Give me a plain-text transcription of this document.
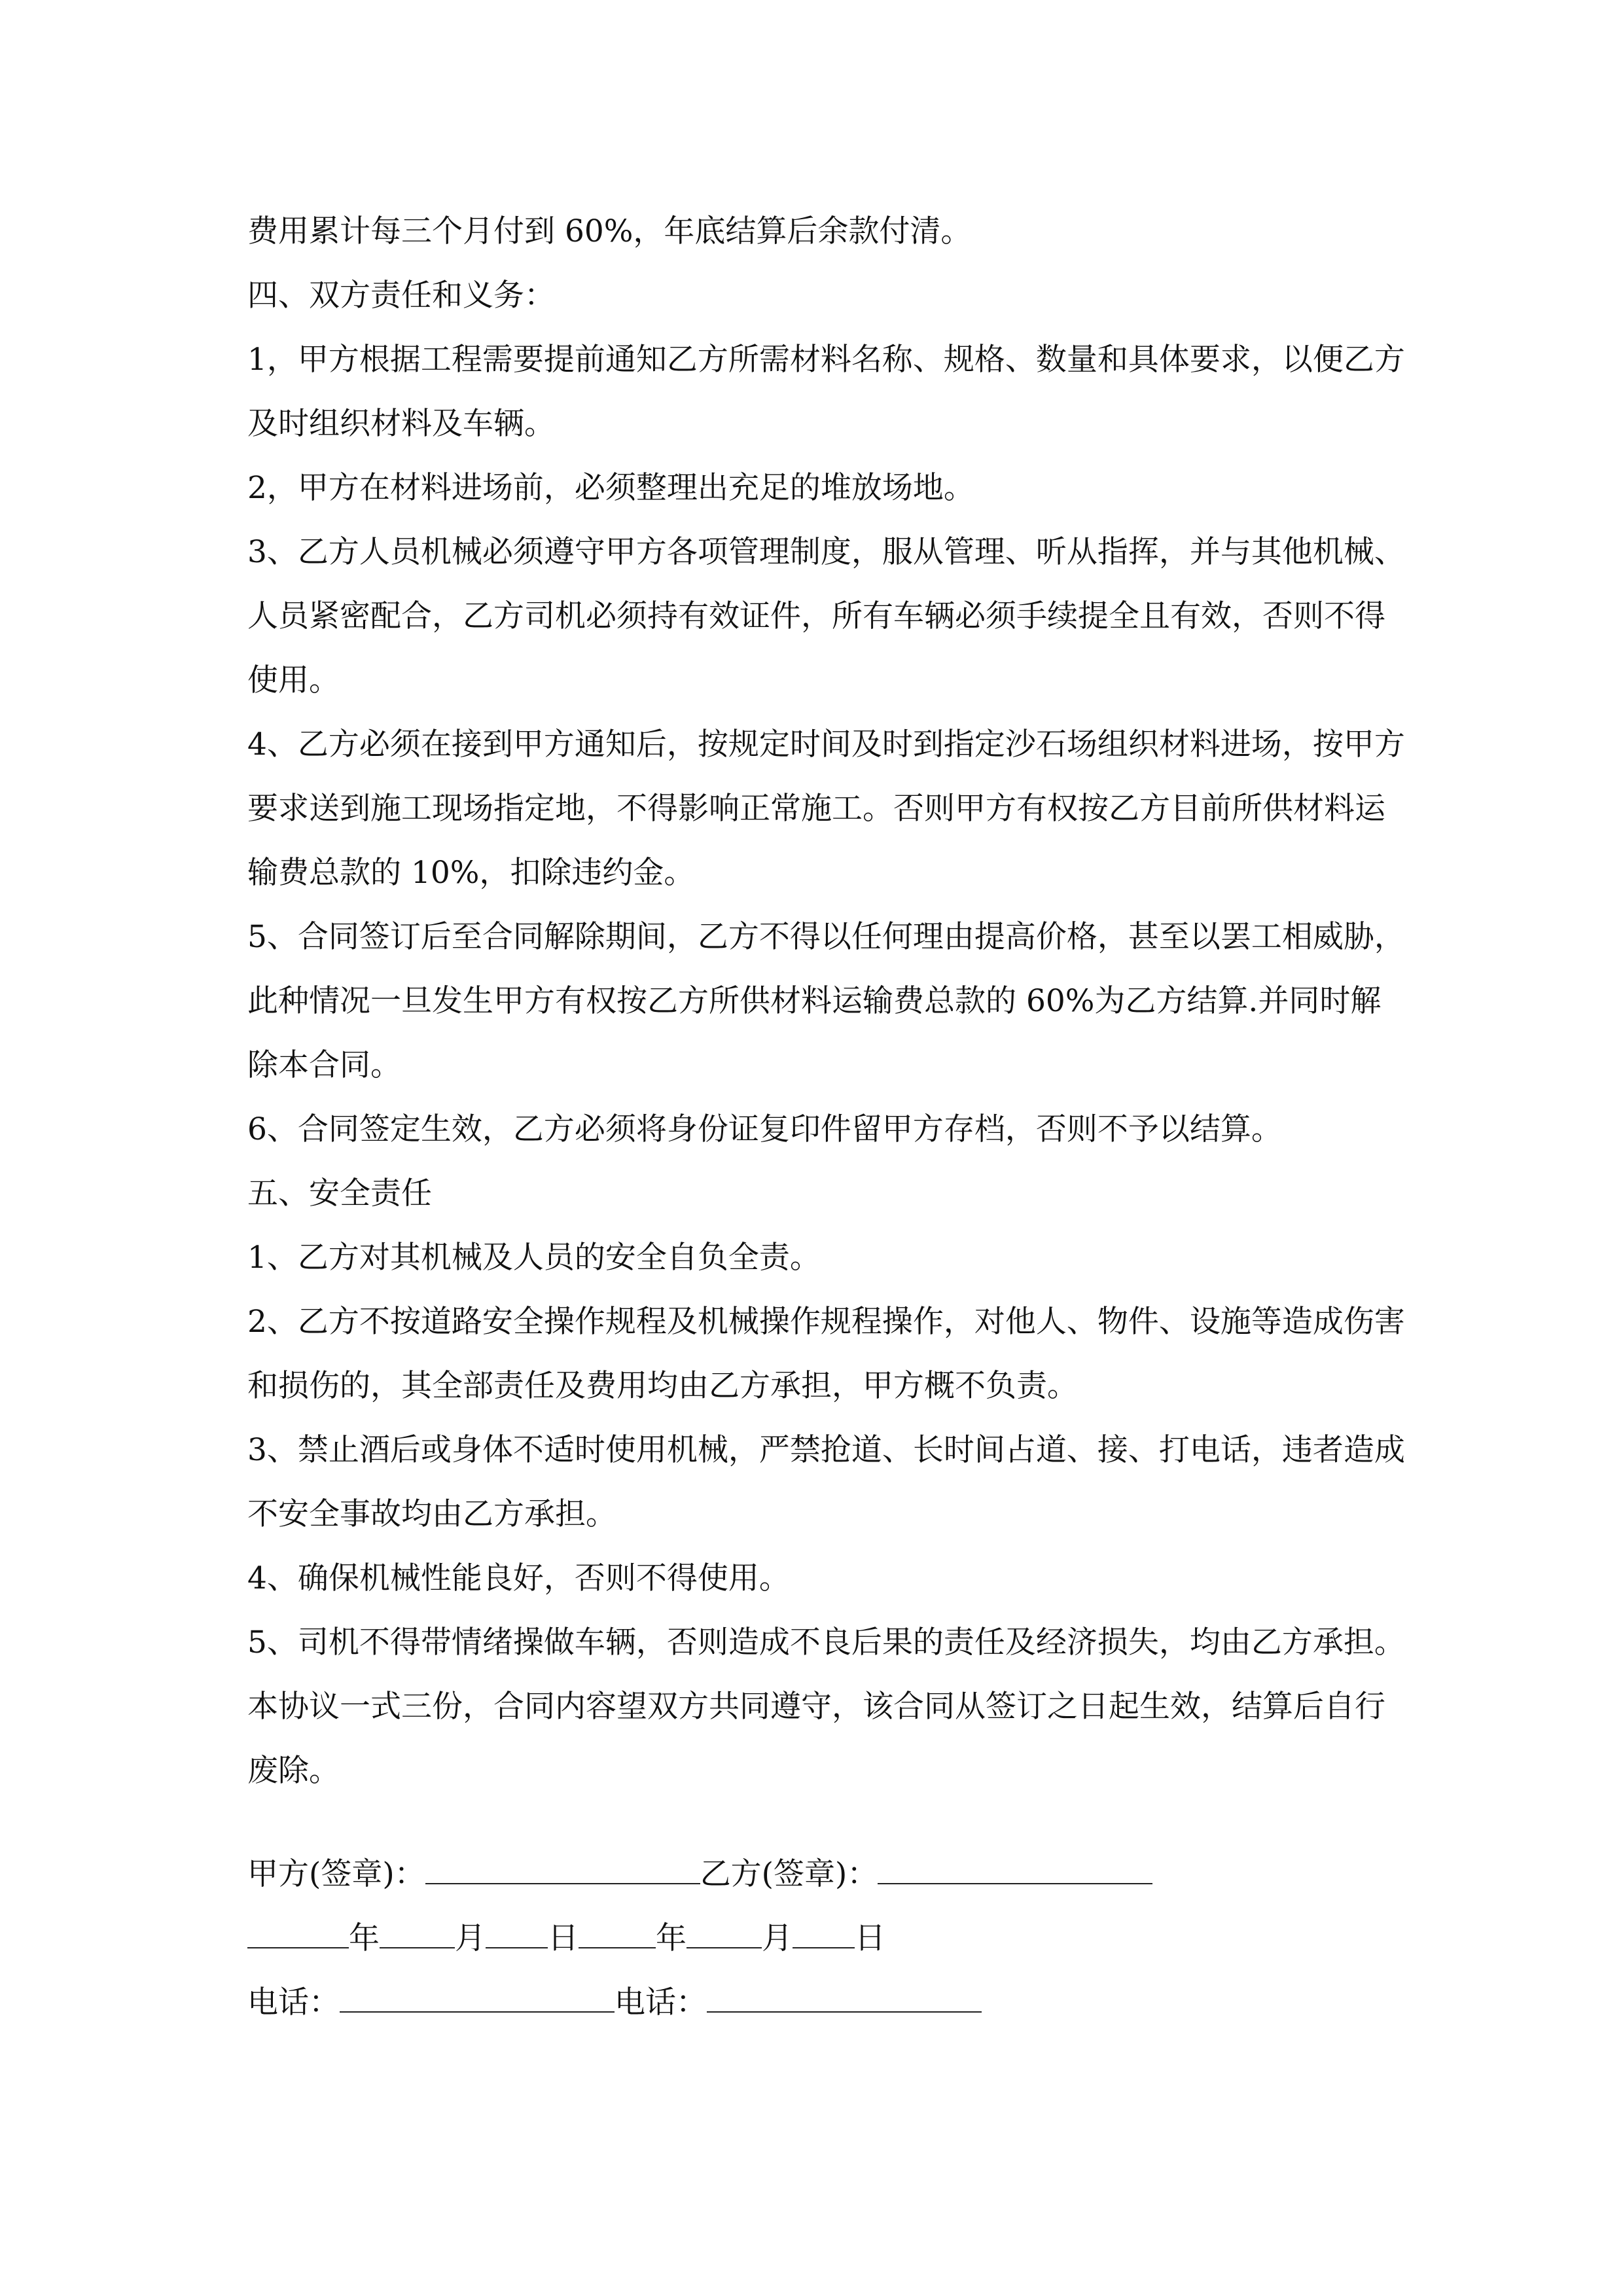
费用累计每三个月付到 60%，年底结算后余款付清。

四、双方责任和义务：

1，甲方根据工程需要提前通知乙方所需材料名称、规格、数量和具体要求，以便乙方及时组织材料及车辆。

2，甲方在材料进场前，必须整理出充足的堆放场地。

3、乙方人员机械必须遵守甲方各项管理制度，服从管理、听从指挥，并与其他机械、人员紧密配合，乙方司机必须持有效证件，所有车辆必须手续提全且有效，否则不得使用。

4、乙方必须在接到甲方通知后，按规定时间及时到指定沙石场组织材料进场，按甲方要求送到施工现场指定地，不得影响正常施工。否则甲方有权按乙方目前所供材料运输费总款的 10%，扣除违约金。

5、合同签订后至合同解除期间，乙方不得以任何理由提高价格，甚至以罢工相威胁，此种情况一旦发生甲方有权按乙方所供材料运输费总款的 60%为乙方结算.并同时解除本合同。

6、合同签定生效，乙方必须将身份证复印件留甲方存档，否则不予以结算。

五、安全责任

1、乙方对其机械及人员的安全自负全责。

2、乙方不按道路安全操作规程及机械操作规程操作，对他人、物件、设施等造成伤害和损伤的，其全部责任及费用均由乙方承担，甲方概不负责。

3、禁止酒后或身体不适时使用机械，严禁抢道、长时间占道、接、打电话，违者造成不安全事故均由乙方承担。

4、确保机械性能良好，否则不得使用。

5、司机不得带情绪操做车辆，否则造成不良后果的责任及经济损失，均由乙方承担。

本协议一式三份，合同内容望双方共同遵守，该合同从签订之日起生效，结算后自行废除。

甲方(签章)：	乙方(签章)：
年 月 日	年 月 日
电话：	电话：
